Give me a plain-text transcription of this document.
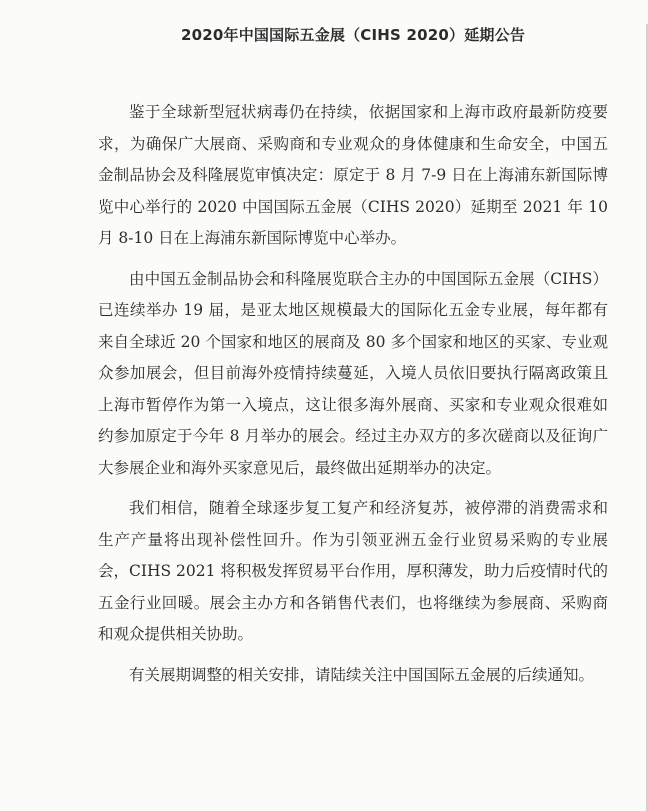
2020年中国国际五金展（CIHS 2020）延期公告

鉴于全球新型冠状病毒仍在持续，依据国家和上海市政府最新防疫要求，为确保广大展商、采购商和专业观众的身体健康和生命安全，中国五金制品协会及科隆展览审慎决定：原定于 8 月 7-9 日在上海浦东新国际博览中心举行的 2020 中国国际五金展（CIHS 2020）延期至 2021 年 10 月 8-10 日在上海浦东新国际博览中心举办。

由中国五金制品协会和科隆展览联合主办的中国国际五金展（CIHS）已连续举办 19 届，是亚太地区规模最大的国际化五金专业展，每年都有来自全球近 20 个国家和地区的展商及 80 多个国家和地区的买家、专业观众参加展会，但目前海外疫情持续蔓延，入境人员依旧要执行隔离政策且上海市暂停作为第一入境点，这让很多海外展商、买家和专业观众很难如约参加原定于今年 8 月举办的展会。经过主办双方的多次磋商以及征询广大参展企业和海外买家意见后，最终做出延期举办的决定。

我们相信，随着全球逐步复工复产和经济复苏，被停滞的消费需求和生产产量将出现补偿性回升。作为引领亚洲五金行业贸易采购的专业展会，CIHS 2021 将积极发挥贸易平台作用，厚积薄发，助力后疫情时代的五金行业回暖。展会主办方和各销售代表们，也将继续为参展商、采购商和观众提供相关协助。

有关展期调整的相关安排，请陆续关注中国国际五金展的后续通知。
